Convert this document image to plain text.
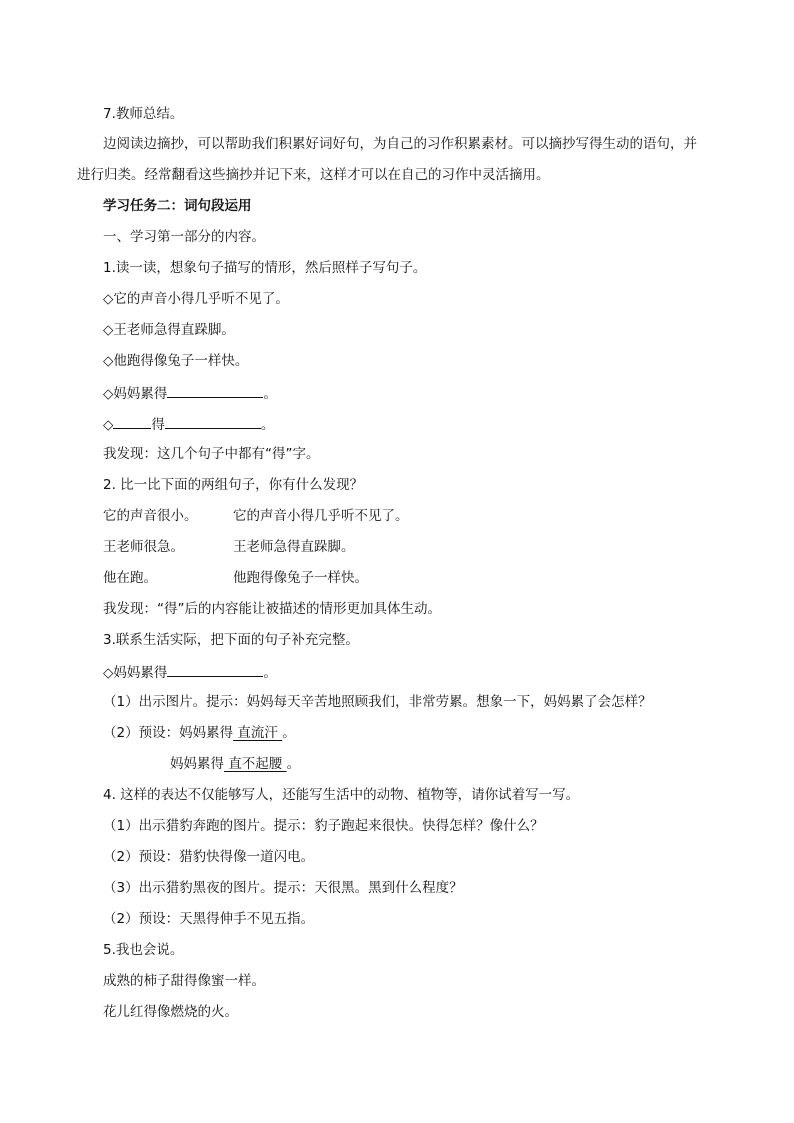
7.教师总结。
边阅读边摘抄，可以帮助我们积累好词好句，为自己的习作积累素材。可以摘抄写得生动的语句，并
进行归类。经常翻看这些摘抄并记下来，这样才可以在自己的习作中灵活摘用。
学习任务二：词句段运用
一、学习第一部分的内容。
1.读一读，想象句子描写的情形，然后照样子写句子。
◇它的声音小得几乎听不见了。
◇王老师急得直跺脚。
◇他跑得像兔子一样快。
◇妈妈累得	。
◇	得	。
我发现：这几个句子中都有“得”字。
2. 比一比下面的两组句子，你有什么发现？
它的声音很小。	它的声音小得几乎听不见了。
王老师很急。	王老师急得直跺脚。
他在跑。	他跑得像兔子一样快。
我发现：“得”后的内容能让被描述的情形更加具体生动。
3.联系生活实际，把下面的句子补充完整。
◇妈妈累得	。
（1）出示图片。提示：妈妈每天辛苦地照顾我们，非常劳累。想象一下，妈妈累了会怎样？
（2）预设：妈妈累得 直流汗 。
妈妈累得 直不起腰 。
4. 这样的表达不仅能够写人，还能写生活中的动物、植物等，请你试着写一写。
（1）出示猎豹奔跑的图片。提示：豹子跑起来很快。快得怎样？像什么？
（2）预设：猎豹快得像一道闪电。
（3）出示猎豹黑夜的图片。提示：天很黑。黑到什么程度？
（2）预设：天黑得伸手不见五指。
5.我也会说。
成熟的柿子甜得像蜜一样。
花儿红得像燃烧的火。
